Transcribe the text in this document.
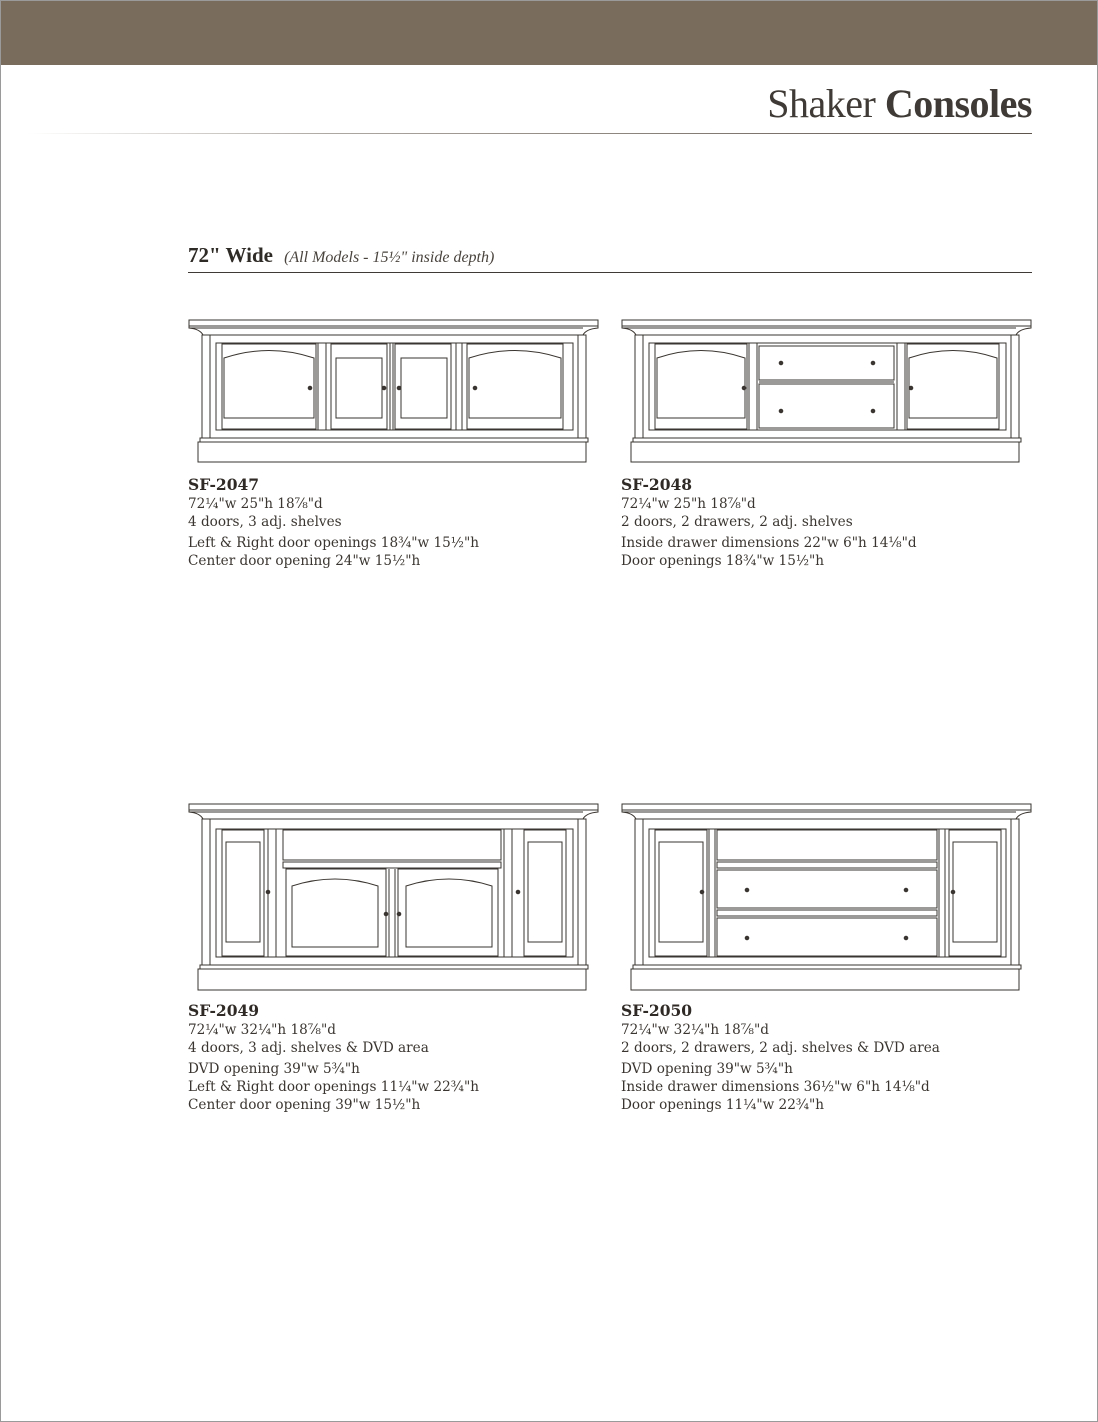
Shaker Consoles
72" Wide (All Models - 15½" inside depth)
SF-2047
72¼"w 25"h 18⅞"d
4 doors, 3 adj. shelves
Left & Right door openings 18¾"w 15½"h
Center door opening 24"w 15½"h
SF-2048
72¼"w 25"h 18⅞"d
2 doors, 2 drawers, 2 adj. shelves
Inside drawer dimensions 22"w 6"h 14⅛"d
Door openings 18¾"w 15½"h
SF-2049
72¼"w 32¼"h 18⅞"d
4 doors, 3 adj. shelves & DVD area
DVD opening 39"w 5¾"h
Left & Right door openings 11¼"w 22¾"h
Center door opening 39"w 15½"h
SF-2050
72¼"w 32¼"h 18⅞"d
2 doors, 2 drawers, 2 adj. shelves & DVD area
DVD opening 39"w 5¾"h
Inside drawer dimensions 36½"w 6"h 14⅛"d
Door openings 11¼"w 22¾"h
